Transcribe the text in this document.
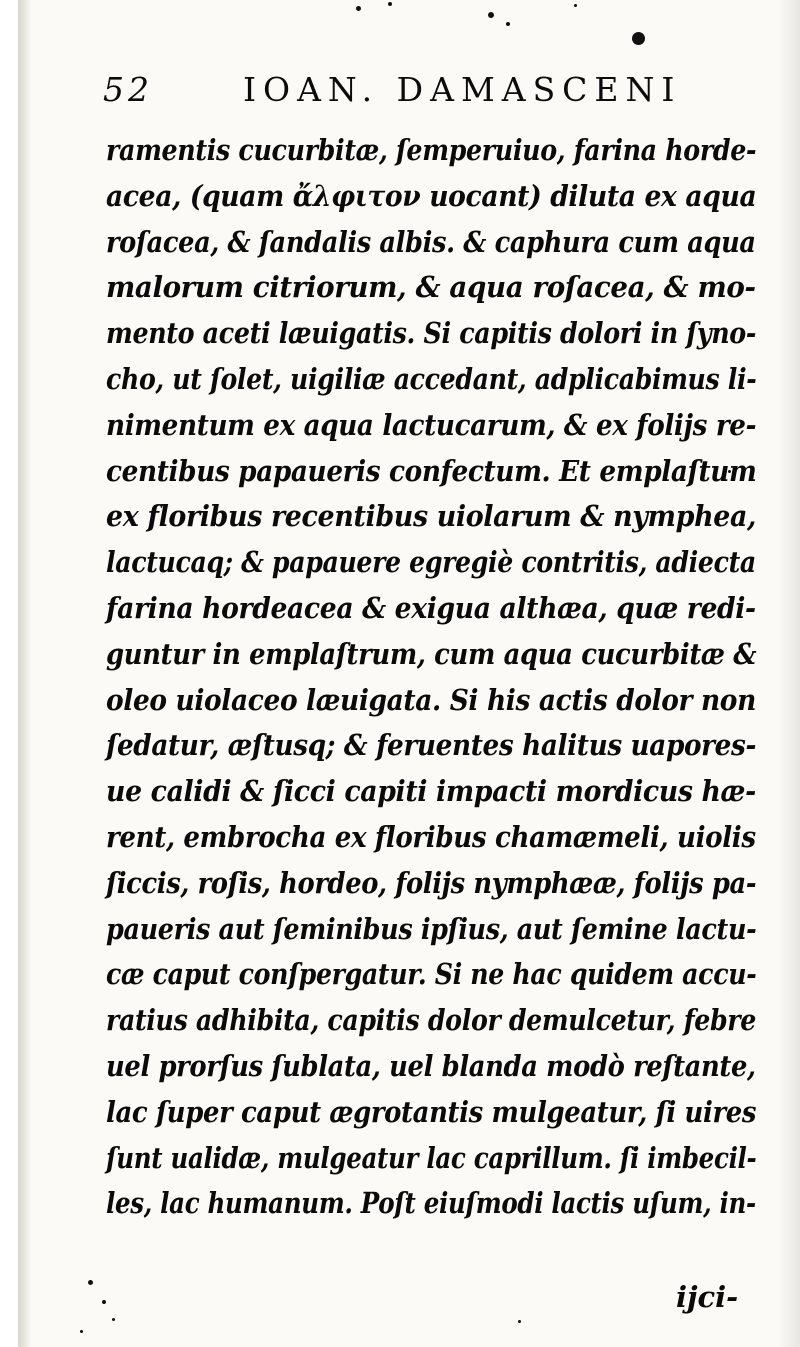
52	IOAN. DAMASCENI
ramentis cucurbitæ, ſemperuiuo, farina horde-
acea, (quam ἄλφιτον uocant) diluta ex aqua
roſacea, & ſandalis albis. & caphura cum aqua
malorum citriorum, & aqua roſacea, & mo-
mento aceti læuigatis. Si capitis dolori in ſyno-
cho, ut ſolet, uigiliæ accedant, adplicabimus li-
nimentum ex aqua lactucarum, & ex folijs re-
centibus papaueris confectum. Et emplaſtum
ex floribus recentibus uiolarum & nymphea,
lactucaq; & papauere egregiè contritis, adiecta
farina hordeacea & exigua althæa, quæ redi-
guntur in emplaſtrum, cum aqua cucurbitæ &
oleo uiolaceo læuigata. Si his actis dolor non
ſedatur, æſtusq; & feruentes halitus uapores-
ue calidi & ſicci capiti impacti mordicus hæ-
rent, embrocha ex floribus chamæmeli, uiolis
ſiccis, roſis, hordeo, folijs nymphææ, folijs pa-
paueris aut ſeminibus ipſius, aut ſemine lactu-
cæ caput conſpergatur. Si ne hac quidem accu-
ratius adhibita, capitis dolor demulcetur, febre
uel prorſus ſublata, uel blanda modò reſtante,
lac ſuper caput ægrotantis mulgeatur, ſi uires
ſunt ualidæ, mulgeatur lac caprillum. ſi imbecil-
les, lac humanum. Poſt eiuſmodi lactis uſum, in-
ijci-
